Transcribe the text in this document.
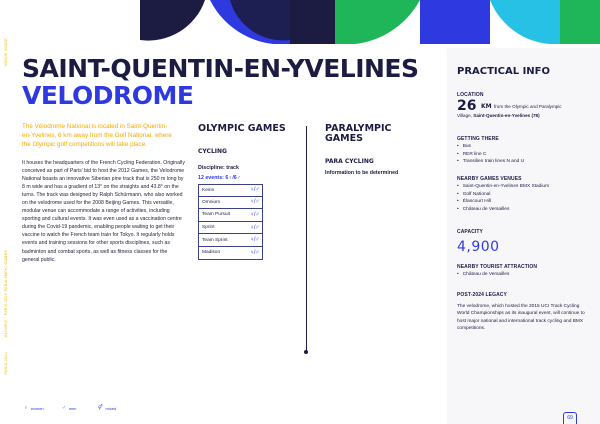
VENUE GUIDE
OLYMPIC · PARIS 2024 PARALYMPIC GAMES
PARIS 2024
SAINT-QUENTIN-EN-YVELINES
VELODROME

The Vélodrome National is located in Saint-Quentin-en-Yvelines, 6 km away from the Golf National, where the Olympic golf competitions will take place.

It houses the headquarters of the French Cycling Federation. Originally conceived as part of Paris' bid to host the 2012 Games, the Velodrome National boasts an innovative Siberian pine track that is 250 m long by 8 m wide and has a gradient of 13° on the straights and 43.8° on the turns. The track was designed by Ralph Schürmann, who also worked on the velodrome used for the 2008 Beijing Games. This versatile, modular venue can accommodate a range of activities, including sporting and cultural events. It was even used as a vaccination centre during the Covid-19 pandemic, enabling people waiting to get their vaccine to watch the French team train for Tokyo. It regularly holds events and training sessions for other sports disciplines, such as badminton and combat sports, as well as fitness classes for the general public.

OLYMPIC GAMES
CYCLING
Discipline: track
12 events: 6♀/6♂
Keirin	♀/♂
Omnium	♀/♂
Team Pursuit	♀/♂
Sprint	♀/♂
Team Sprint	♀/♂
Madison	♀/♂
PARALYMPIC GAMES
PARA CYCLING
Information to be determined
PRACTICAL INFO
LOCATION
26 KM from the Olympic and Paralympic
Village, Saint-Quentin-en-Yvelines (78)
GETTING THERE
• Bus
• RER line C
• Transilien train lines N and U
NEARBY GAMES VENUES
• Saint-Quentin-en-Yvelines BMX Stadium
• Golf National
• Élancourt Hill
• Château de Versailles
CAPACITY
4,900
NEARBY TOURIST ATTRACTION
• Château de Versailles
POST-2024 LEGACY

The velodrome, which hosted the 2015 UCI Track Cycling World Championships as its inaugural event, will continue to host major national and international track cycling and BMX competitions.

69
♀ women	♂ men	⚥ mixed
